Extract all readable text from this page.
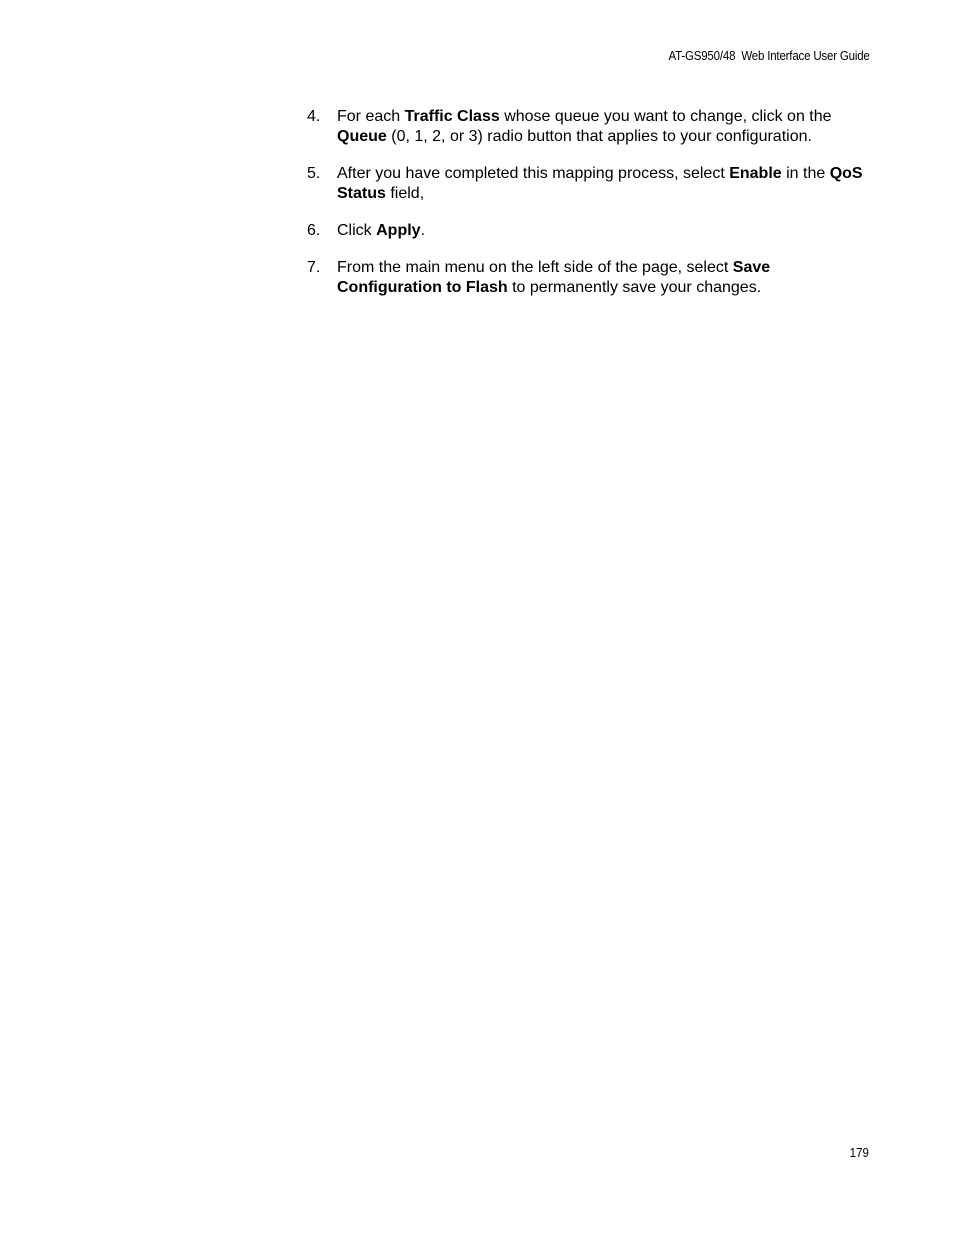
AT-GS950/48  Web Interface User Guide
4. For each Traffic Class whose queue you want to change, click on the Queue (0, 1, 2, or 3) radio button that applies to your configuration.
5. After you have completed this mapping process, select Enable in the QoS Status field,
6. Click Apply.
7. From the main menu on the left side of the page, select Save Configuration to Flash to permanently save your changes.
179
